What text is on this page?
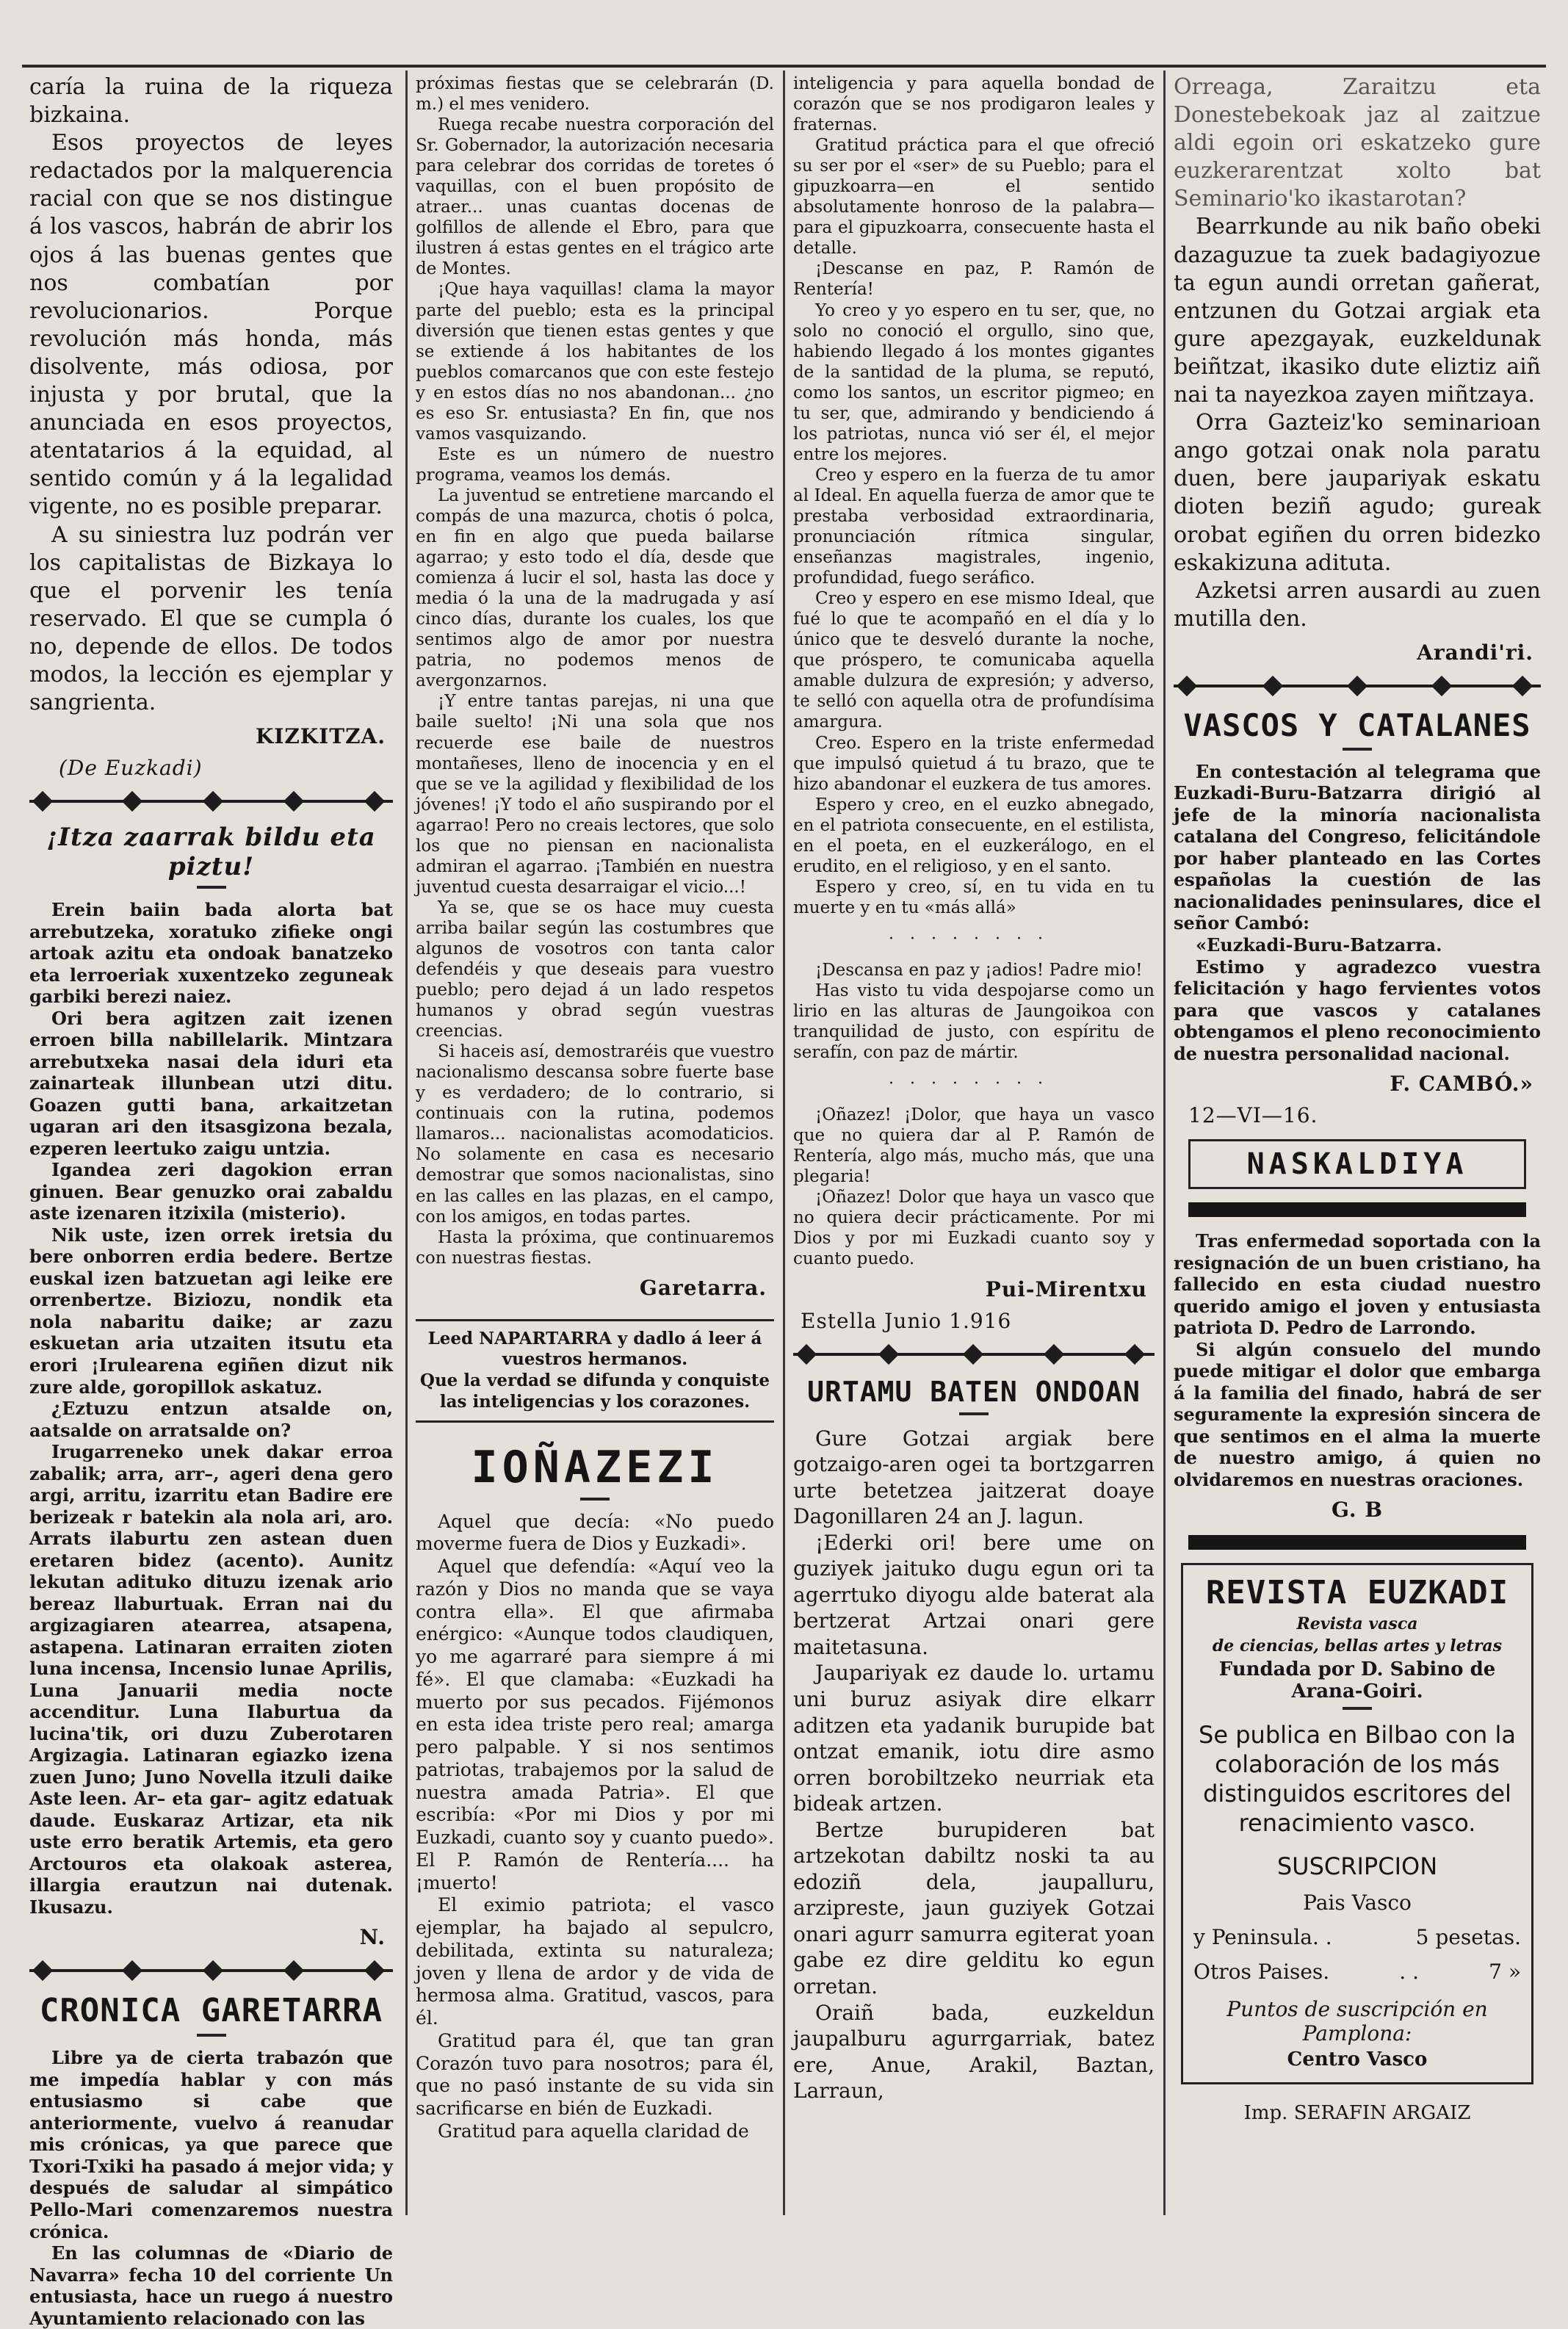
caría la ruina de la riqueza bizkaina.

Esos proyectos de leyes redactados por la malquerencia racial con que se nos distingue á los vascos, habrán de abrir los ojos á las buenas gentes que nos combatían por revolucionarios. Porque revolución más honda, más disolvente, más odiosa, por injusta y por brutal, que la anunciada en esos proyectos, atentatarios á la equidad, al sentido común y á la legalidad vigente, no es posible preparar.

A su siniestra luz podrán ver los capitalistas de Bizkaya lo que el porvenir les tenía reservado. El que se cumpla ó no, depende de ellos. De todos modos, la lección es ejemplar y sangrienta.

KIZKITZA.
(De Euzkadi)
¡Itza zaarrak bildu eta piztu!

Erein baiin bada alorta bat arrebutzeka, xoratuko zifieke ongi artoak azitu eta ondoak banatzeko eta lerroeriak xuxentzeko zeguneak garbiki berezi naiez.

Ori bera agitzen zait izenen erroen billa nabillelarik. Mintzara arrebutxeka nasai dela iduri eta zainarteak illunbean utzi ditu. Goazen gutti bana, arkaitzetan ugaran ari den itsasgizona bezala, ezperen leertuko zaigu untzia.

Igandea zeri dagokion erran ginuen. Bear genuzko orai zabaldu aste izenaren itzixila (misterio).

Nik uste, izen orrek iretsia du bere onborren erdia bedere. Bertze euskal izen batzuetan agi leike ere orrenbertze. Biziozu, nondik eta nola nabaritu daike; ar zazu eskuetan aria utzaiten itsutu eta erori ¡Irulearena egiñen dizut nik zure alde, goropillok askatuz.

¿Eztuzu entzun atsalde on, aatsalde on arratsalde on?

Irugarreneko unek dakar erroa zabalik; arra, arr–, ageri dena gero argi, arritu, izarritu etan Badire ere berizeak r batekin ala nola ari, aro. Arrats ilaburtu zen astean duen eretaren bidez (acento). Aunitz lekutan adituko dituzu izenak ario bereaz llaburtuak. Erran nai du argizagiaren atearrea, atsapena, astapena. Latinaran erraiten zioten luna incensa, Incensio lunae Aprilis, Luna Januarii media nocte accenditur. Luna Ilaburtua da lucina'tik, ori duzu Zuberotaren Argizagia. Latinaran egiazko izena zuen Juno; Juno Novella itzuli daike Aste leen. Ar– eta gar– agitz edatuak daude. Euskaraz Artizar, eta nik uste erro beratik Artemis, eta gero Arctouros eta olakoak asterea, illargia erautzun nai dutenak. Ikusazu.

N.
CRONICA GARETARRA

Libre ya de cierta trabazón que me impedía hablar y con más entusiasmo si cabe que anteriormente, vuelvo á reanudar mis crónicas, ya que parece que Txori-Txiki ha pasado á mejor vida; y después de saludar al simpático Pello-Mari comenzaremos nuestra crónica.

En las columnas de «Diario de Navarra» fecha 10 del corriente Un entusiasta, hace un ruego á nuestro Ayuntamiento relacionado con las

próximas fiestas que se celebrarán (D. m.) el mes venidero.

Ruega recabe nuestra corporación del Sr. Gobernador, la autorización necesaria para celebrar dos corridas de toretes ó vaquillas, con el buen propósito de atraer... unas cuantas docenas de golfillos de allende el Ebro, para que ilustren á estas gentes en el trágico arte de Montes.

¡Que haya vaquillas! clama la mayor parte del pueblo; esta es la principal diversión que tienen estas gentes y que se extiende á los habitantes de los pueblos comarcanos que con este festejo y en estos días no nos abandonan... ¿no es eso Sr. entusiasta? En fin, que nos vamos vasquizando.

Este es un número de nuestro programa, veamos los demás.

La juventud se entretiene marcando el compás de una mazurca, chotis ó polca, en fin en algo que pueda bailarse agarrao; y esto todo el día, desde que comienza á lucir el sol, hasta las doce y media ó la una de la madrugada y así cinco días, durante los cuales, los que sentimos algo de amor por nuestra patria, no podemos menos de avergonzarnos.

¡Y entre tantas parejas, ni una que baile suelto! ¡Ni una sola que nos recuerde ese baile de nuestros montañeses, lleno de inocencia y en el que se ve la agilidad y flexibilidad de los jóvenes! ¡Y todo el año suspirando por el agarrao! Pero no creais lectores, que solo los que no piensan en nacionalista admiran el agarrao. ¡También en nuestra juventud cuesta desarraigar el vicio...!

Ya se, que se os hace muy cuesta arriba bailar según las costumbres que algunos de vosotros con tanta calor defendéis y que deseais para vuestro pueblo; pero dejad á un lado respetos humanos y obrad según vuestras creencias.

Si haceis así, demostraréis que vuestro nacionalismo descansa sobre fuerte base y es verdadero; de lo contrario, si continuais con la rutina, podemos llamaros... nacionalistas acomodaticios. No solamente en casa es necesario demostrar que somos nacionalistas, sino en las calles en las plazas, en el campo, con los amigos, en todas partes.

Hasta la próxima, que continuaremos con nuestras fiestas.

Garetarra.
Leed NAPARTARRA y dadlo á leer á vuestros hermanos.
Que la verdad se difunda y conquiste las inteligencias y los corazones.
IOÑAZEZI

Aquel que decía: «No puedo moverme fuera de Dios y Euzkadi».

Aquel que defendía: «Aquí veo la razón y Dios no manda que se vaya contra ella». El que afirmaba enérgico: «Aunque todos claudiquen, yo me agarraré para siempre á mi fé». El que clamaba: «Euzkadi ha muerto por sus pecados. Fijémonos en esta idea triste pero real; amarga pero palpable. Y si nos sentimos patriotas, trabajemos por la salud de nuestra amada Patria». El que escribía: «Por mi Dios y por mi Euzkadi, cuanto soy y cuanto puedo». El P. Ramón de Rentería.... ha ¡muerto!

El eximio patriota; el vasco ejemplar, ha bajado al sepulcro, debilitada, extinta su naturaleza; joven y llena de ardor y de vida de hermosa alma. Gratitud, vascos, para él.

Gratitud para él, que tan gran Corazón tuvo para nosotros; para él, que no pasó instante de su vida sin sacrificarse en bién de Euzkadi.

Gratitud para aquella claridad de

inteligencia y para aquella bondad de corazón que se nos prodigaron leales y fraternas.

Gratitud práctica para el que ofreció su ser por el «ser» de su Pueblo; para el gipuzkoarra—en el sentido absolutamente honroso de la palabra—para el gipuzkoarra, consecuente hasta el detalle.

¡Descanse en paz, P. Ramón de Rentería!

Yo creo y yo espero en tu ser, que, no solo no conoció el orgullo, sino que, habiendo llegado á los montes gigantes de la santidad de la pluma, se reputó, como los santos, un escritor pigmeo; en tu ser, que, admirando y bendiciendo á los patriotas, nunca vió ser él, el mejor entre los mejores.

Creo y espero en la fuerza de tu amor al Ideal. En aquella fuerza de amor que te prestaba verbosidad extraordinaria, pronunciación rítmica singular, enseñanzas magistrales, ingenio, profundidad, fuego seráfico.

Creo y espero en ese mismo Ideal, que fué lo que te acompañó en el día y lo único que te desveló durante la noche, que próspero, te comunicaba aquella amable dulzura de expresión; y adverso, te selló con aquella otra de profundísima amargura.

Creo. Espero en la triste enfermedad que impulsó quietud á tu brazo, que te hizo abandonar el euzkera de tus amores.

Espero y creo, en el euzko abnegado, en el patriota consecuente, en el estilista, en el poeta, en el euzkerálogo, en el erudito, en el religioso, y en el santo.

Espero y creo, sí, en tu vida en tu muerte y en tu «más allá»

········

¡Descansa en paz y ¡adios! Padre mio!

Has visto tu vida despojarse como un lirio en las alturas de Jaungoikoa con tranquilidad de justo, con espíritu de serafín, con paz de mártir.

········

¡Oñazez! ¡Dolor, que haya un vasco que no quiera dar al P. Ramón de Rentería, algo más, mucho más, que una plegaria!

¡Oñazez! Dolor que haya un vasco que no quiera decir prácticamente. Por mi Dios y por mi Euzkadi cuanto soy y cuanto puedo.

Pui-Mirentxu
Estella Junio 1.916
URTAMU BATEN ONDOAN

Gure Gotzai argiak bere gotzaigo-aren ogei ta bortzgarren urte betetzea jaitzerat doaye Dagonillaren 24 an J. lagun.

¡Ederki ori! bere ume on guziyek jaituko dugu egun ori ta agerrtuko diyogu alde baterat ala bertzerat Artzai onari gere maitetasuna.

Jaupariyak ez daude lo. urtamu uni buruz asiyak dire elkarr aditzen eta yadanik burupide bat ontzat emanik, iotu dire asmo orren borobiltzeko neurriak eta bideak artzen.

Bertze burupideren bat artzekotan dabiltz noski ta au edoziñ dela, jaupalluru, arzipreste, jaun guziyek Gotzai onari agurr samurra egiterat yoan gabe ez dire gelditu ko egun orretan.

Oraiñ bada, euzkeldun jaupalburu agurrgarriak, batez ere, Anue, Arakil, Baztan, Larraun,

Orreaga, Zaraitzu eta Donestebekoak jaz al zaitzue aldi egoin ori eskatzeko gure euzkerarentzat xolto bat Seminario'ko ikastarotan?

Bearrkunde au nik baño obeki dazaguzue ta zuek badagiyozue ta egun aundi orretan gañerat, entzunen du Gotzai argiak eta gure apezgayak, euzkeldunak beiñtzat, ikasiko dute eliztiz aiñ nai ta nayezkoa zayen miñtzaya.

Orra Gazteiz'ko seminarioan ango gotzai onak nola paratu duen, bere jaupariyak eskatu dioten beziñ agudo; gureak orobat egiñen du orren bidezko eskakizuna adituta.

Azketsi arren ausardi au zuen mutilla den.

Arandi'ri.
VASCOS Y CATALANES

En contestación al telegrama que Euzkadi-Buru-Batzarra dirigió al jefe de la minoría nacionalista catalana del Congreso, felicitándole por haber planteado en las Cortes españolas la cuestión de las nacionalidades peninsulares, dice el señor Cambó:

«Euzkadi-Buru-Batzarra.

Estimo y agradezco vuestra felicitación y hago fervientes votos para que vascos y catalanes obtengamos el pleno reconocimiento de nuestra personalidad nacional.

F. CAMBÓ.»
12—VI—16.
NASKALDIYA

Tras enfermedad soportada con la resignación de un buen cristiano, ha fallecido en esta ciudad nuestro querido amigo el joven y entusiasta patriota D. Pedro de Larrondo.

Si algún consuelo del mundo puede mitigar el dolor que embarga á la familia del finado, habrá de ser seguramente la expresión sincera de que sentimos en el alma la muerte de nuestro amigo, á quien no olvidaremos en nuestras oraciones.

G. B
REVISTA EUZKADI
Revista vasca
de ciencias, bellas artes y letras
Fundada por D. Sabino de Arana-Goiri.
Se publica en Bilbao con la colaboración de los más distinguidos escritores del renacimiento vasco.
SUSCRIPCION
Pais Vasco
y Peninsula. .	5 pesetas.
Otros Paises.	. .	7 »
Puntos de suscripción en Pamplona:
Centro Vasco
Imp. SERAFIN ARGAIZ
